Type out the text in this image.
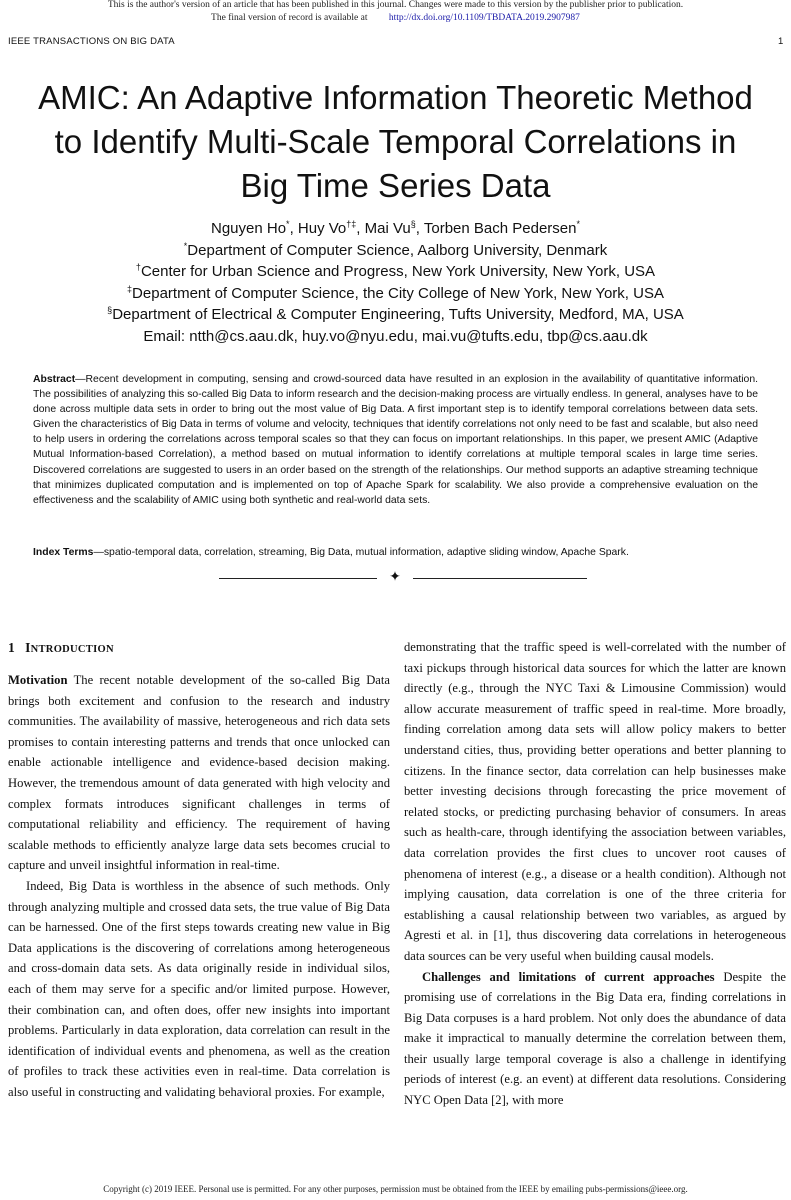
This is the author's version of an article that has been published in this journal. Changes were made to this version by the publisher prior to publication.
The final version of record is available at http://dx.doi.org/10.1109/TBDATA.2019.2907987
IEEE TRANSACTIONS ON BIG DATA	1
AMIC: An Adaptive Information Theoretic Method to Identify Multi-Scale Temporal Correlations in Big Time Series Data
Nguyen Ho*, Huy Vo†‡, Mai Vu§, Torben Bach Pedersen*
*Department of Computer Science, Aalborg University, Denmark
†Center for Urban Science and Progress, New York University, New York, USA
‡Department of Computer Science, the City College of New York, New York, USA
§Department of Electrical & Computer Engineering, Tufts University, Medford, MA, USA
Email: ntth@cs.aau.dk, huy.vo@nyu.edu, mai.vu@tufts.edu, tbp@cs.aau.dk
Abstract—Recent development in computing, sensing and crowd-sourced data have resulted in an explosion in the availability of quantitative information. The possibilities of analyzing this so-called Big Data to inform research and the decision-making process are virtually endless. In general, analyses have to be done across multiple data sets in order to bring out the most value of Big Data. A first important step is to identify temporal correlations between data sets. Given the characteristics of Big Data in terms of volume and velocity, techniques that identify correlations not only need to be fast and scalable, but also need to help users in ordering the correlations across temporal scales so that they can focus on important relationships. In this paper, we present AMIC (Adaptive Mutual Information-based Correlation), a method based on mutual information to identify correlations at multiple temporal scales in large time series. Discovered correlations are suggested to users in an order based on the strength of the relationships. Our method supports an adaptive streaming technique that minimizes duplicated computation and is implemented on top of Apache Spark for scalability. We also provide a comprehensive evaluation on the effectiveness and the scalability of AMIC using both synthetic and real-world data sets.
Index Terms—spatio-temporal data, correlation, streaming, Big Data, mutual information, adaptive sliding window, Apache Spark.
✦
1 INTRODUCTION

Motivation The recent notable development of the so-called Big Data brings both excitement and confusion to the research and industry communities. The availability of massive, heterogeneous and rich data sets promises to contain interesting patterns and trends that once unlocked can enable actionable intelligence and evidence-based decision making. However, the tremendous amount of data generated with high velocity and complex formats introduces significant challenges in terms of computational reliability and efficiency. The requirement of having scalable methods to efficiently analyze large data sets becomes crucial to capture and unveil insightful information in real-time.

Indeed, Big Data is worthless in the absence of such methods. Only through analyzing multiple and crossed data sets, the true value of Big Data can be harnessed. One of the first steps towards creating new value in Big Data applications is the discovering of correlations among heterogeneous and cross-domain data sets. As data originally reside in individual silos, each of them may serve for a specific and/or limited purpose. However, their combination can, and often does, offer new insights into important problems. Particularly in data exploration, data correlation can result in the identification of individual events and phenomena, as well as the creation of profiles to track these activities even in real-time. Data correlation is also useful in constructing and validating behavioral proxies. For example,

demonstrating that the traffic speed is well-correlated with the number of taxi pickups through historical data sources for which the latter are known directly (e.g., through the NYC Taxi & Limousine Commission) would allow accurate measurement of traffic speed in real-time. More broadly, finding correlation among data sets will allow policy makers to better understand cities, thus, providing better operations and better planning to citizens. In the finance sector, data correlation can help businesses make better investing decisions through forecasting the price movement of related stocks, or predicting purchasing behavior of consumers. In areas such as health-care, through identifying the association between variables, data correlation provides the first clues to uncover root causes of phenomena of interest (e.g., a disease or a health condition). Although not implying causation, data correlation is one of the three criteria for establishing a causal relationship between two variables, as argued by Agresti et al. in [1], thus discovering data correlations in heterogeneous data sources can be very useful when building causal models.

Challenges and limitations of current approaches Despite the promising use of correlations in the Big Data era, finding correlations in Big Data corpuses is a hard problem. Not only does the abundance of data make it impractical to manually determine the correlation between them, their usually large temporal coverage is also a challenge in identifying periods of interest (e.g. an event) at different data resolutions. Considering NYC Open Data [2], with more

Copyright (c) 2019 IEEE. Personal use is permitted. For any other purposes, permission must be obtained from the IEEE by emailing pubs-permissions@ieee.org.
